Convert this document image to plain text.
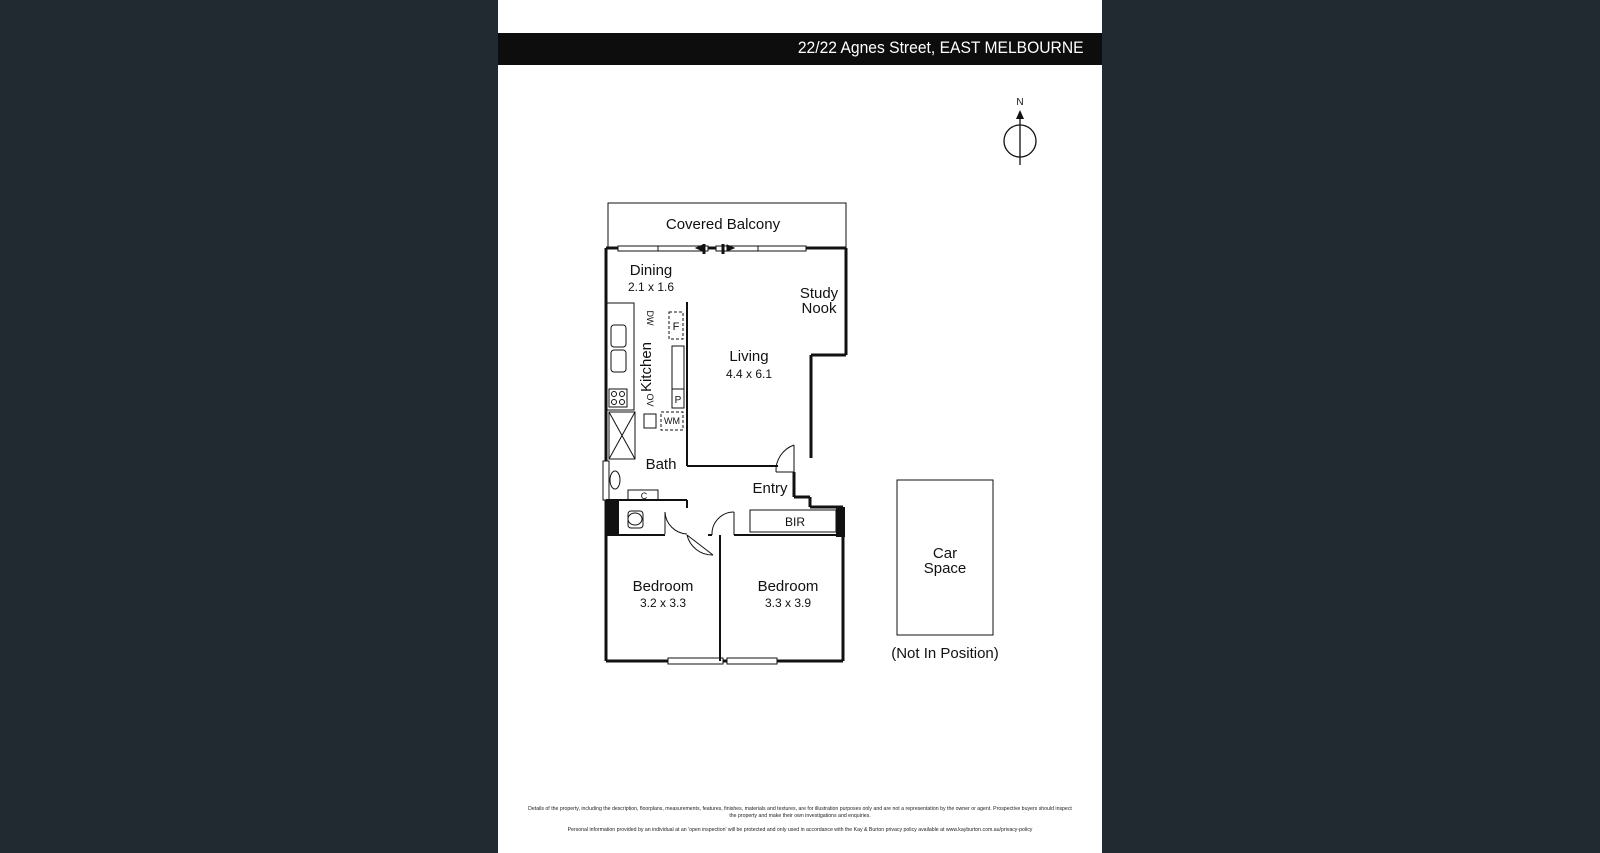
22/22 Agnes Street, EAST MELBOURNE
N
Covered Balcony
DW
OV
F
P
WM
Kitchen
C
Bath
BIR
Dining
2.1 x 1.6	Study
Nook
Living
4.4 x 6.1
Entry
Bedroom
3.2 x 3.3
Bedroom
3.3 x 3.9
Car
Space
(Not In Position)
Details of the property, including the description, floorplans, measurements, features, finishes, materials and textures, are for illustration purposes only and are not a representation by the owner or agent. Prospective buyers should inspect the property and make their own investigations and enquiries.
Personal information provided by an individual at an 'open inspection' will be protected and only used in accordance with the Kay & Burton privacy policy available at www.kayburton.com.au/privacy-policy
